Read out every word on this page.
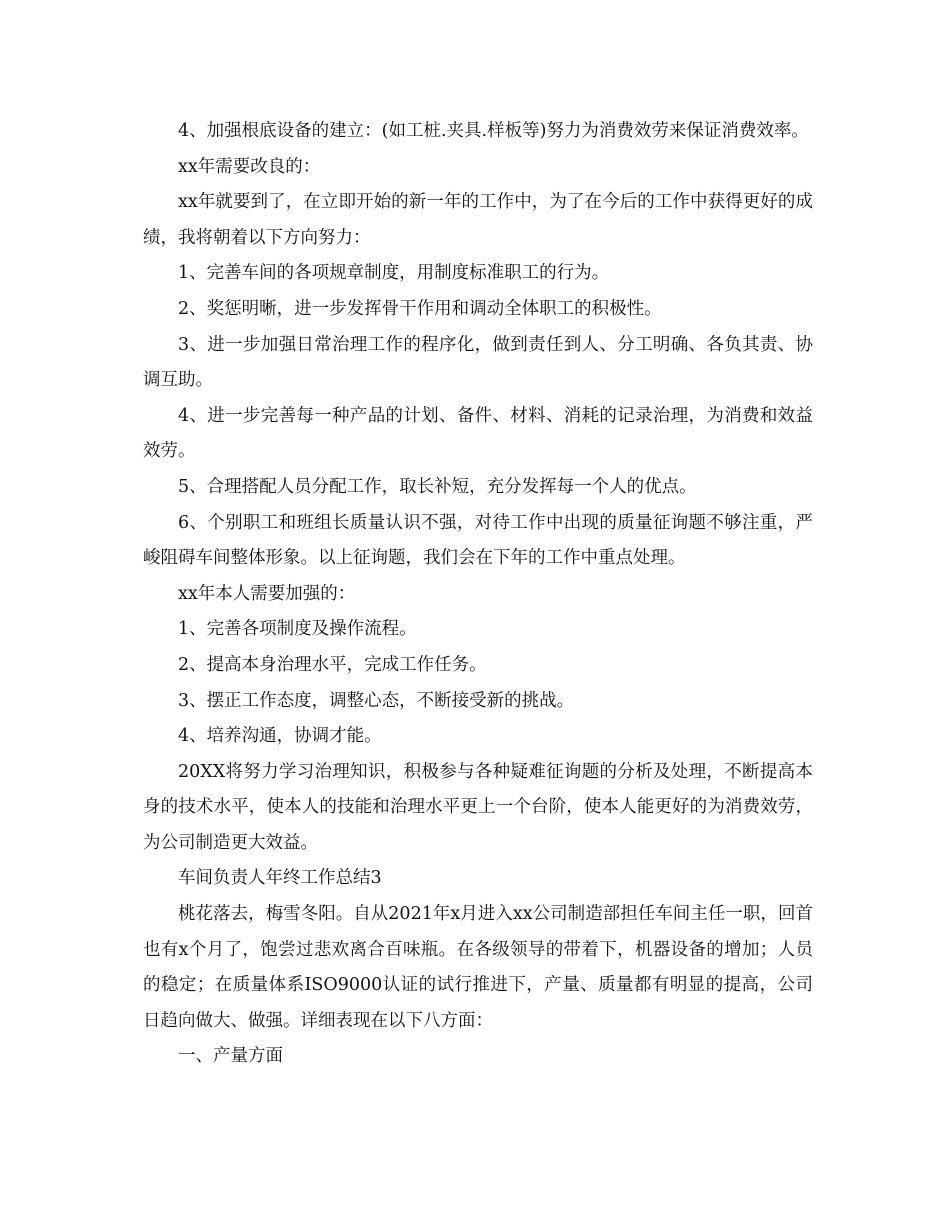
4、加强根底设备的建立：(如工桩.夹具.样板等)努力为消费效劳来保证消费效率。

xx年需要改良的：

xx年就要到了，在立即开始的新一年的工作中，为了在今后的工作中获得更好的成绩，我将朝着以下方向努力：

1、完善车间的各项规章制度，用制度标准职工的行为。

2、奖惩明晰，进一步发挥骨干作用和调动全体职工的积极性。

3、进一步加强日常治理工作的程序化，做到责任到人、分工明确、各负其责、协调互助。

4、进一步完善每一种产品的计划、备件、材料、消耗的记录治理，为消费和效益效劳。

5、合理搭配人员分配工作，取长补短，充分发挥每一个人的优点。

6、个别职工和班组长质量认识不强，对待工作中出现的质量征询题不够注重，严峻阻碍车间整体形象。以上征询题，我们会在下年的工作中重点处理。

xx年本人需要加强的：

1、完善各项制度及操作流程。

2、提高本身治理水平，完成工作任务。

3、摆正工作态度，调整心态，不断接受新的挑战。

4、培养沟通，协调才能。

20XX将努力学习治理知识，积极参与各种疑难征询题的分析及处理，不断提高本身的技术水平，使本人的技能和治理水平更上一个台阶，使本人能更好的为消费效劳，为公司制造更大效益。

车间负责人年终工作总结3

桃花落去，梅雪冬阳。自从2021年x月进入xx公司制造部担任车间主任一职，回首也有x个月了，饱尝过悲欢离合百味瓶。在各级领导的带着下，机器设备的增加；人员的稳定；在质量体系ISO9000认证的试行推进下，产量、质量都有明显的提高，公司日趋向做大、做强。详细表现在以下八方面：

一、产量方面
